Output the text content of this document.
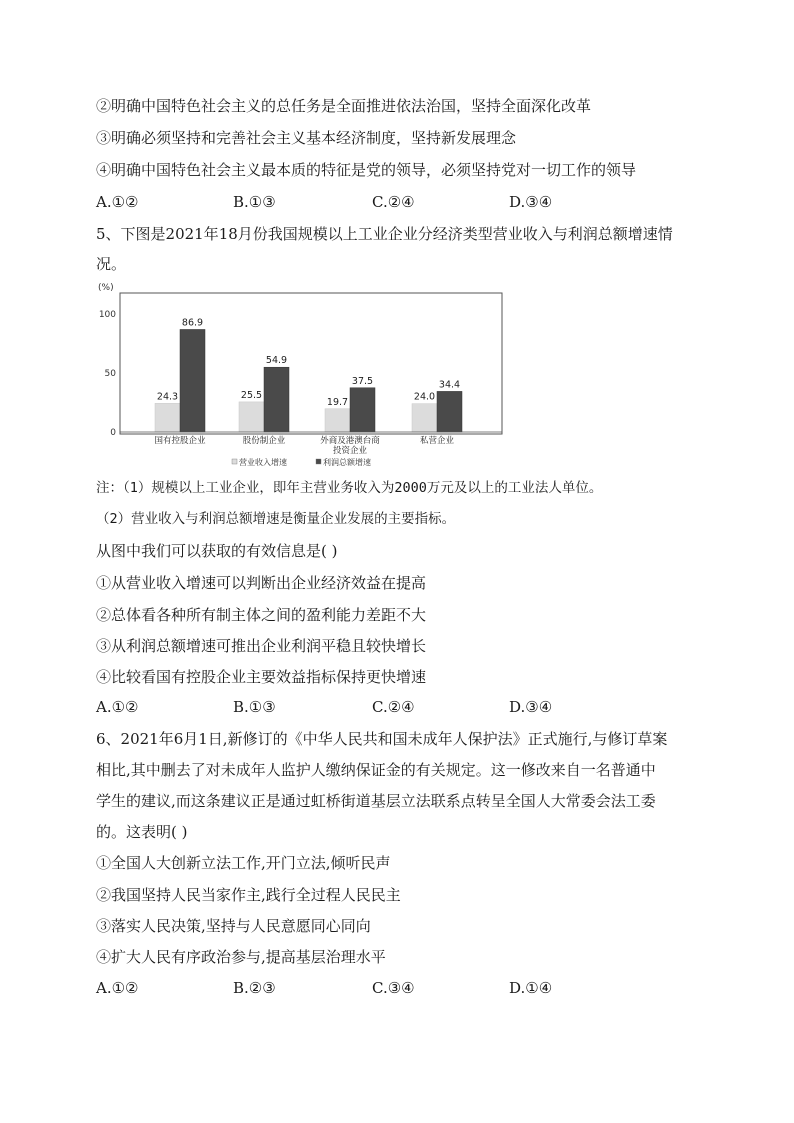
②明确中国特色社会主义的总任务是全面推进依法治国，坚持全面深化改革
③明确必须坚持和完善社会主义基本经济制度，坚持新发展理念
④明确中国特色社会主义最本质的特征是党的领导，必须坚持党对一切工作的领导
A.①②	B.①③	C.②④	D.③④
5、下图是2021年18月份我国规模以上工业企业分经济类型营业收入与利润总额增速情
况。
(%)
0
50
100
24.3
86.9
25.5
54.9
19.7
37.5
24.0
34.4
国有控股企业	股份制企业	外商及港澳台商投资企业
私营企业
营业收入增速	利润总额增速
注：（1）规模以上工业企业，即年主营业务收入为2000万元及以上的工业法人单位。
（2）营业收入与利润总额增速是衡量企业发展的主要指标。
从图中我们可以获取的有效信息是( )
①从营业收入增速可以判断出企业经济效益在提高
②总体看各种所有制主体之间的盈利能力差距不大
③从利润总额增速可推出企业利润平稳且较快增长
④比较看国有控股企业主要效益指标保持更快增速
A.①②	B.①③	C.②④	D.③④
6、2021年6月1日,新修订的《中华人民共和国未成年人保护法》正式施行,与修订草案
相比,其中删去了对未成年人监护人缴纳保证金的有关规定。这一修改来自一名普通中
学生的建议,而这条建议正是通过虹桥街道基层立法联系点转呈全国人大常委会法工委
的。这表明( )
①全国人大创新立法工作,开门立法,倾听民声
②我国坚持人民当家作主,践行全过程人民民主
③落实人民决策,坚持与人民意愿同心同向
④扩大人民有序政治参与,提高基层治理水平
A.①②	B.②③	C.③④	D.①④
